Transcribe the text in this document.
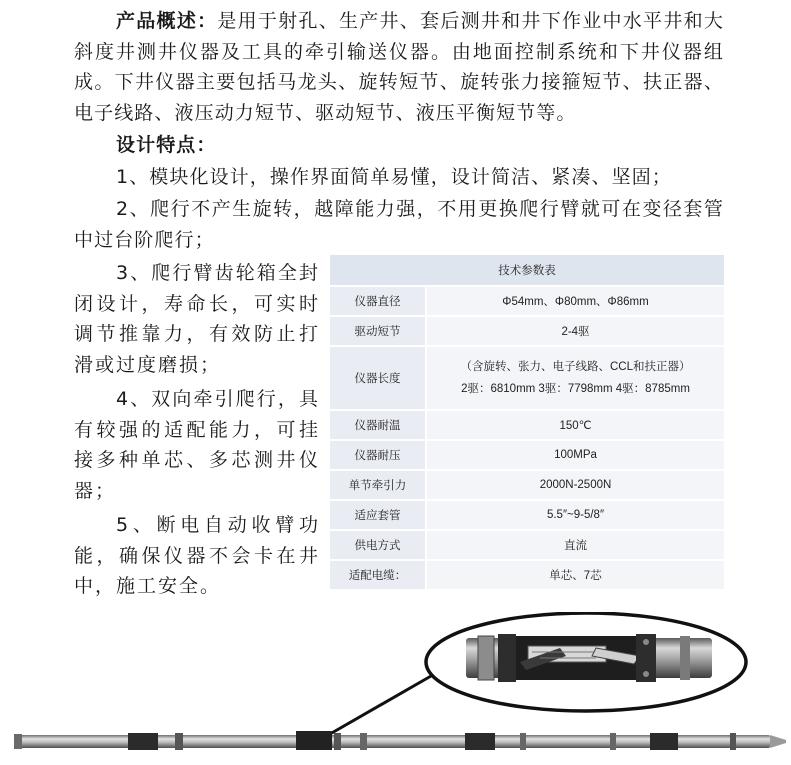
产品概述：是用于射孔、生产井、套后测井和井下作业中水平井和大斜度井测井仪器及工具的牵引输送仪器。由地面控制系统和下井仪器组成。下井仪器主要包括马龙头、旋转短节、旋转张力接箍短节、扶正器、电子线路、液压动力短节、驱动短节、液压平衡短节等。
设计特点：
1、模块化设计，操作界面简单易懂，设计简洁、紧凑、坚固；
2、爬行不产生旋转，越障能力强，不用更换爬行臂就可在变径套管中过台阶爬行；
3、爬行臂齿轮箱全封闭设计，寿命长，可实时调节推靠力，有效防止打滑或过度磨损；
4、双向牵引爬行，具有较强的适配能力，可挂接多种单芯、多芯测井仪器；
5、断电自动收臂功能，确保仪器不会卡在井中，施工安全。
技术参数表	
仪器直径	Φ54mm、Φ80mm、Φ86mm
驱动短节	2-4驱
仪器长度	（含旋转、张力、电子线路、CCL和扶正器）
2驱：6810mm 3驱：7798mm 4驱：8785mm

仪器耐温	150℃
仪器耐压	100MPa
单节牵引力	2000N-2500N
适应套管	5.5″~9-5/8″
供电方式	直流
适配电缆：	单芯、7芯
